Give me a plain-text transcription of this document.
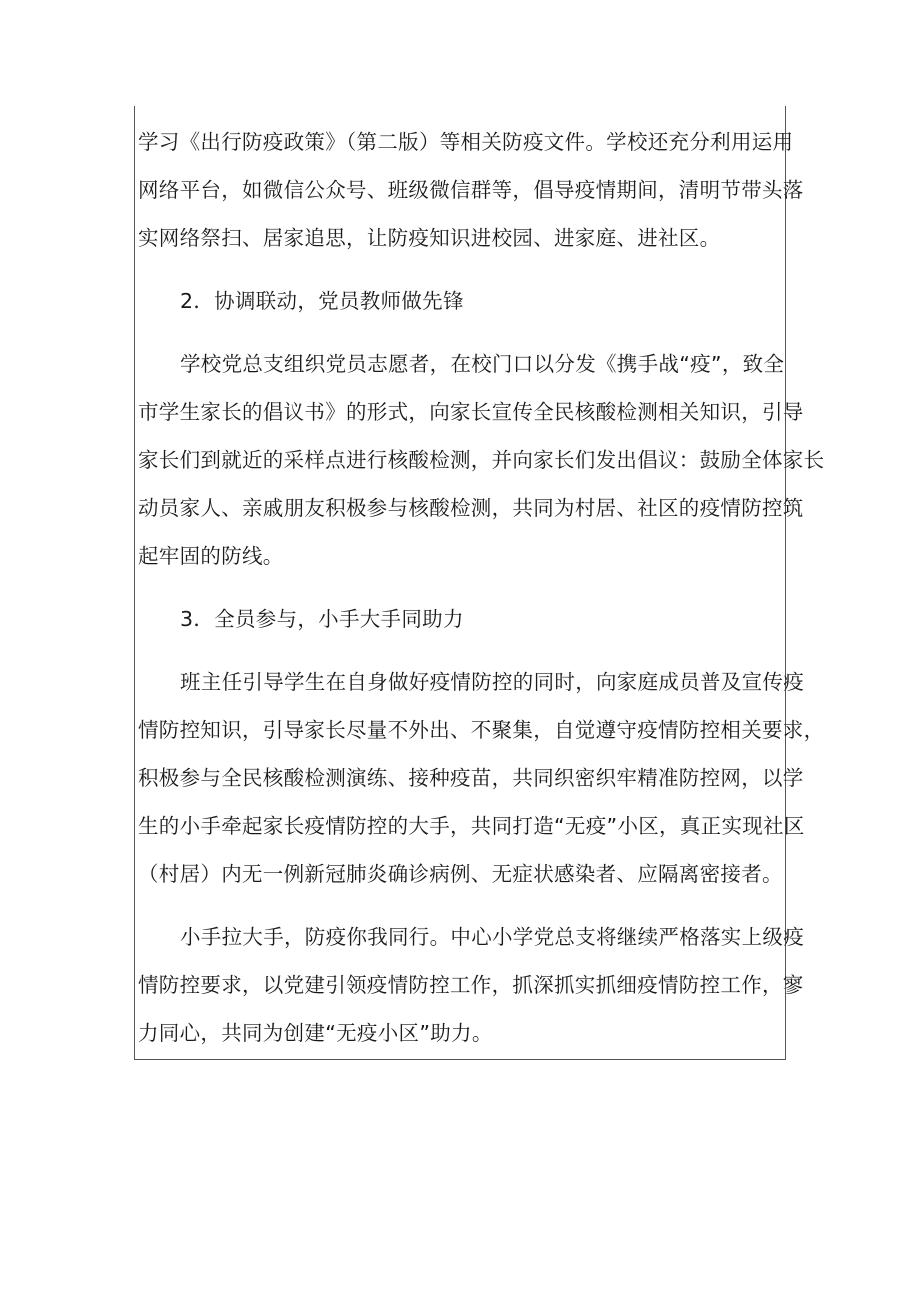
学习《出行防疫政策》（第二版）等相关防疫文件。学校还充分利用运用
网络平台，如微信公众号、班级微信群等，倡导疫情期间，清明节带头落
实网络祭扫、居家追思，让防疫知识进校园、进家庭、进社区。
2．协调联动，党员教师做先锋
学校党总支组织党员志愿者，在校门口以分发《携手战“疫”，致全
市学生家长的倡议书》的形式，向家长宣传全民核酸检测相关知识，引导
家长们到就近的采样点进行核酸检测，并向家长们发出倡议：鼓励全体家长
动员家人、亲戚朋友积极参与核酸检测，共同为村居、社区的疫情防控筑
起牢固的防线。
3．全员参与，小手大手同助力
班主任引导学生在自身做好疫情防控的同时，向家庭成员普及宣传疫
情防控知识，引导家长尽量不外出、不聚集，自觉遵守疫情防控相关要求，
积极参与全民核酸检测演练、接种疫苗，共同织密织牢精准防控网，以学
生的小手牵起家长疫情防控的大手，共同打造“无疫”小区，真正实现社区
（村居）内无一例新冠肺炎确诊病例、无症状感染者、应隔离密接者。
小手拉大手，防疫你我同行。中心小学党总支将继续严格落实上级疫
情防控要求，以党建引领疫情防控工作，抓深抓实抓细疫情防控工作，寥
力同心，共同为创建“无疫小区”助力。
